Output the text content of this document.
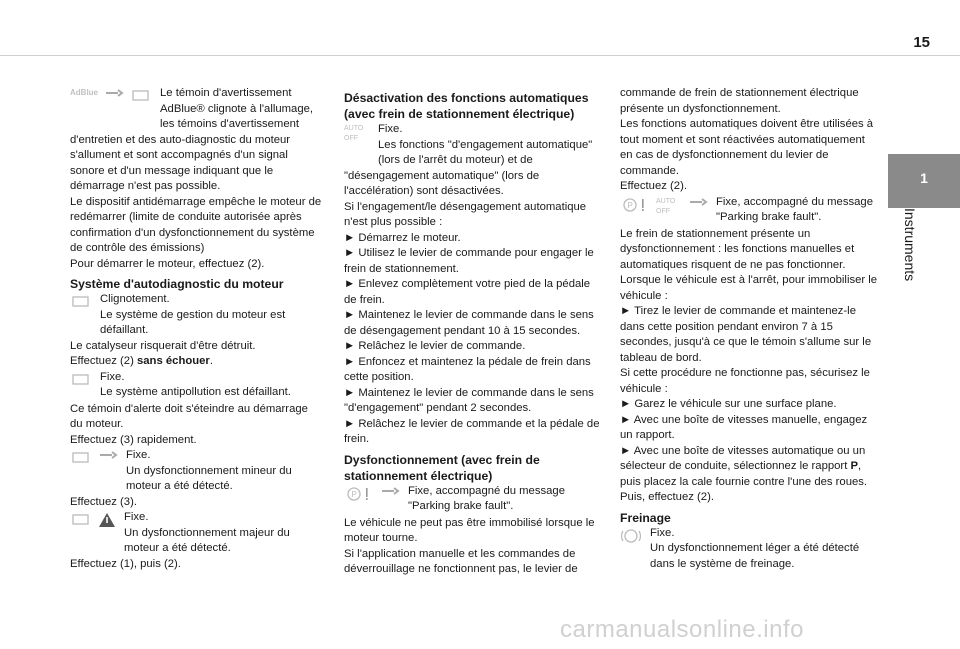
15
1
Instruments
AdBlue	Le témoin d'avertissement AdBlue® clignote à l'allumage, les témoins d'avertissement d'entretien et des auto-diagnostic du moteur s'allument et sont accompagnés d'un signal sonore et d'un message indiquant que le démarrage n'est pas possible.

Le dispositif antidémarrage empêche le moteur de redémarrer (limite de conduite autorisée après confirmation d'un dysfonctionnement du système de contrôle des émissions)

Pour démarrer le moteur, effectuez (2).

Système d'autodiagnostic du moteur

Clignotement.

Le système de gestion du moteur est défaillant.

Le catalyseur risquerait d'être détruit.

Effectuez (2) sans échouer.

Fixe.

Le système antipollution est défaillant.

Ce témoin d'alerte doit s'éteindre au démarrage du moteur.

Effectuez (3) rapidement.

Fixe.

Un dysfonctionnement mineur du moteur a été détecté.

Effectuez (3).

Fixe.

Un dysfonctionnement majeur du moteur a été détecté.

Effectuez (1), puis (2).

Désactivation des fonctions automatiques (avec frein de stationnement électrique)

AUTO OFF

Fixe.

Les fonctions "d'engagement automatique" (lors de l'arrêt du moteur) et de "désengagement automatique" (lors de l'accélération) sont désactivées.

Si l'engagement/le désengagement automatique n'est plus possible :

► Démarrez le moteur.

► Utilisez le levier de commande pour engager le frein de stationnement.

► Enlevez complètement votre pied de la pédale de frein.

► Maintenez le levier de commande dans le sens de désengagement pendant 10 à 15 secondes.

► Relâchez le levier de commande.

► Enfoncez et maintenez la pédale de frein dans cette position.

► Maintenez le levier de commande dans le sens "d'engagement" pendant 2 secondes.

► Relâchez le levier de commande et la pédale de frein.

Dysfonctionnement (avec frein de stationnement électrique)

P	Fixe, accompagné du message "Parking brake fault".

Le véhicule ne peut pas être immobilisé lorsque le moteur tourne.

Si l'application manuelle et les commandes de déverrouillage ne fonctionnent pas, le levier de

commande de frein de stationnement électrique présente un dysfonctionnement.

Les fonctions automatiques doivent être utilisées à tout moment et sont réactivées automatiquement en cas de dysfonctionnement du levier de commande.

Effectuez (2).

P	AUTO OFF

Fixe, accompagné du message "Parking brake fault".

Le frein de stationnement présente un dysfonctionnement : les fonctions manuelles et automatiques risquent de ne pas fonctionner.

Lorsque le véhicule est à l'arrêt, pour immobiliser le véhicule :

► Tirez le levier de commande et maintenez-le dans cette position pendant environ 7 à 15 secondes, jusqu'à ce que le témoin s'allume sur le tableau de bord.

Si cette procédure ne fonctionne pas, sécurisez le véhicule :

► Garez le véhicule sur une surface plane.

► Avec une boîte de vitesses manuelle, engagez un rapport.

► Avec une boîte de vitesses automatique ou un sélecteur de conduite, sélectionnez le rapport P, puis placez la cale fournie contre l'une des roues.

Puis, effectuez (2).

Freinage

Fixe.

Un dysfonctionnement léger a été détecté dans le système de freinage.

carmanualsonline.info
